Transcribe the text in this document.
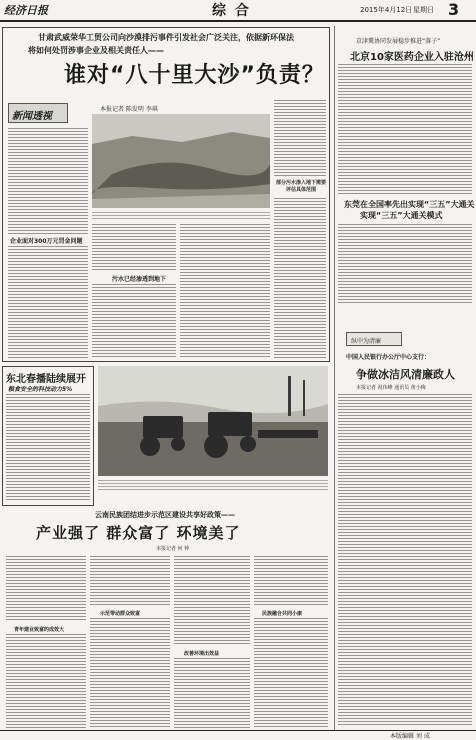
经济日报	综 合	2015年4月12日 星期日 3
甘肃武威荣华工贸公司向沙漠排污事件引发社会广泛关注，依据新环保法
将如何处罚涉事企业及相关责任人——
谁对“八十里大沙”负责？
新闻透视
本报记者 陈发明 李琪
企业面对300万元罚金问题
污水已经渗透到地下
部分污水渗入地下需要评估具体范围
东北春播陆续展开
粮食安全的科技动力5%
云南民族团结进步示范区建设共享好政策——
产业强了 群众富了 环境美了
本报记者 何 钟
青年建业致富的成效大
示范带动群众致富
改善环境出效益
民族融合共同小康
京津冀协同发展稳步推进“落子”
北京10家医药企业入驻沧州
东莞在全国率先出实现“三五”大通关
实现“三五”大通关模式
纵中为清廉
中国人民银行办公厅中心支行：
争做冰洁风清廉政人
本报记者 祝伟峰 通讯员 黄小梅
本版编辑 刘 成
